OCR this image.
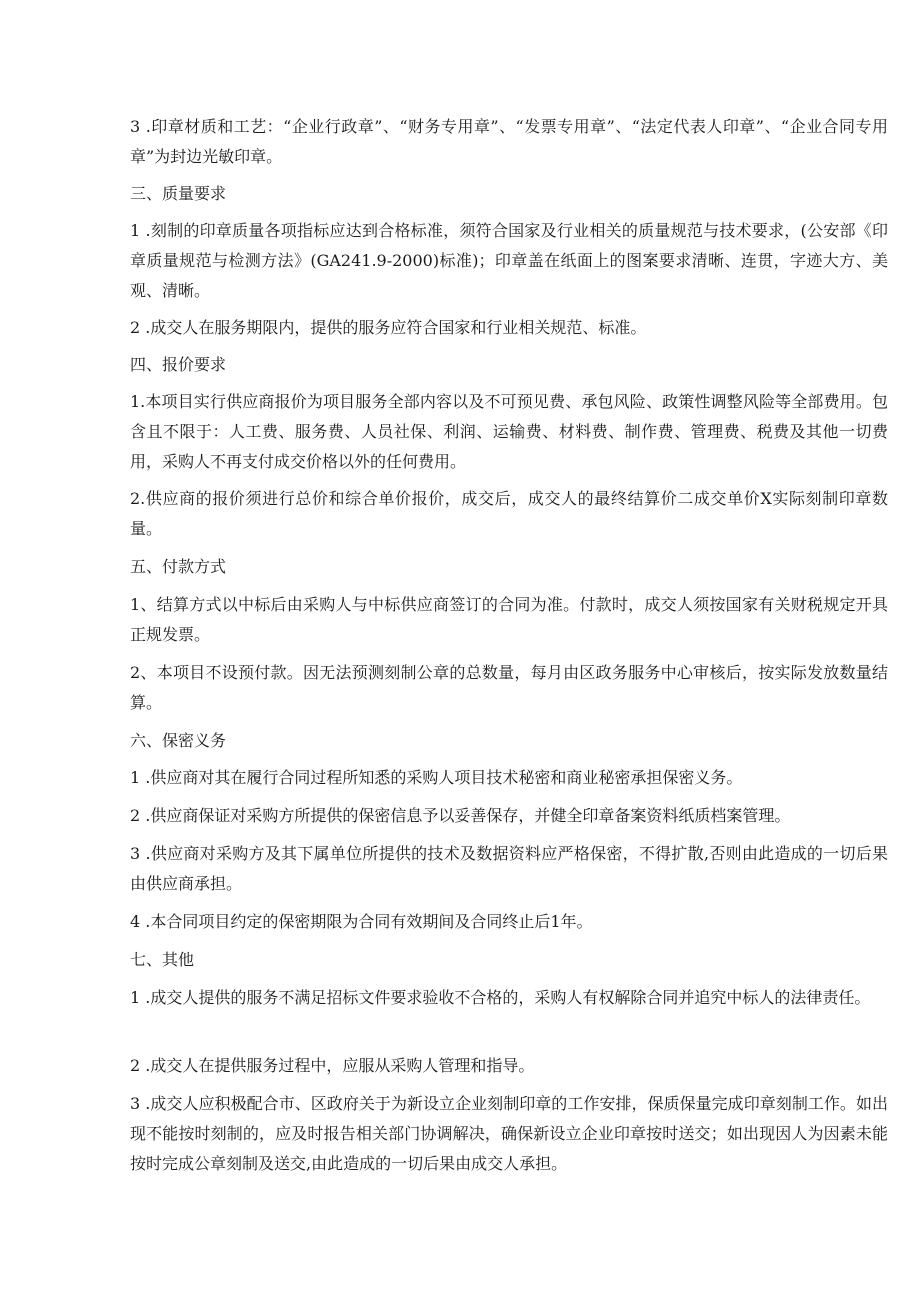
3 .印章材质和工艺：“企业行政章”、“财务专用章”、“发票专用章”、“法定代表人印章”、“企业合同专用章”为封边光敏印章。

三、质量要求

1 .刻制的印章质量各项指标应达到合格标准，须符合国家及行业相关的质量规范与技术要求，(公安部《印章质量规范与检测方法》(GA241.9-2000)标准)；印章盖在纸面上的图案要求清晰、连贯，字迹大方、美观、清晰。

2 .成交人在服务期限内，提供的服务应符合国家和行业相关规范、标准。

四、报价要求

1.本项目实行供应商报价为项目服务全部内容以及不可预见费、承包风险、政策性调整风险等全部费用。包含且不限于：人工费、服务费、人员社保、利润、运输费、材料费、制作费、管理费、税费及其他一切费用，采购人不再支付成交价格以外的任何费用。

2.供应商的报价须进行总价和综合单价报价，成交后，成交人的最终结算价二成交单价X实际刻制印章数量。

五、付款方式

1、结算方式以中标后由采购人与中标供应商签订的合同为准。付款时，成交人须按国家有关财税规定开具正规发票。

2、本项目不设预付款。因无法预测刻制公章的总数量，每月由区政务服务中心审核后，按实际发放数量结算。

六、保密义务

1 .供应商对其在履行合同过程所知悉的采购人项目技术秘密和商业秘密承担保密义务。

2 .供应商保证对采购方所提供的保密信息予以妥善保存，并健全印章备案资料纸质档案管理。

3 .供应商对采购方及其下属单位所提供的技术及数据资料应严格保密，不得扩散,否则由此造成的一切后果由供应商承担。

4 .本合同项目约定的保密期限为合同有效期间及合同终止后1年。

七、其他

1 .成交人提供的服务不满足招标文件要求验收不合格的，采购人有权解除合同并追究中标人的法律责任。

2 .成交人在提供服务过程中，应服从采购人管理和指导。

3 .成交人应积极配合市、区政府关于为新设立企业刻制印章的工作安排，保质保量完成印章刻制工作。如出现不能按时刻制的，应及时报告相关部门协调解决，确保新设立企业印章按时送交；如出现因人为因素未能按时完成公章刻制及送交,由此造成的一切后果由成交人承担。
